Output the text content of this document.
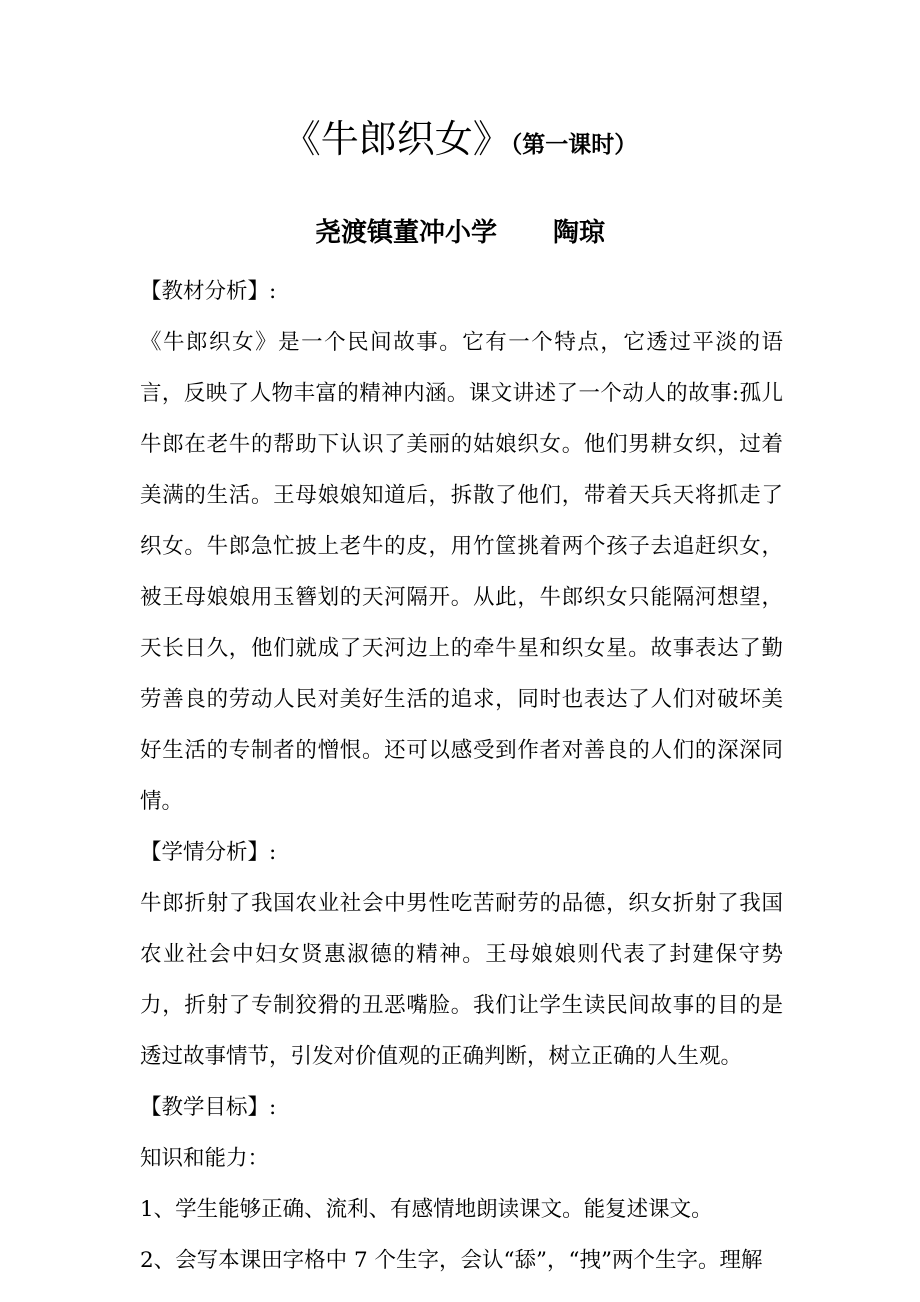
《牛郎织女》（第一课时）
尧渡镇董冲小学 陶琼

【教材分析】:

《牛郎织女》是一个民间故事。它有一个特点，它透过平淡的语言，反映了人物丰富的精神内涵。课文讲述了一个动人的故事:孤儿牛郎在老牛的帮助下认识了美丽的姑娘织女。他们男耕女织，过着美满的生活。王母娘娘知道后，拆散了他们，带着天兵天将抓走了织女。牛郎急忙披上老牛的皮，用竹筐挑着两个孩子去追赶织女，被王母娘娘用玉簪划的天河隔开。从此，牛郎织女只能隔河想望，天长日久，他们就成了天河边上的牵牛星和织女星。故事表达了勤劳善良的劳动人民对美好生活的追求，同时也表达了人们对破坏美好生活的专制者的憎恨。还可以感受到作者对善良的人们的深深同情。

【学情分析】:

牛郎折射了我国农业社会中男性吃苦耐劳的品德，织女折射了我国农业社会中妇女贤惠淑德的精神。王母娘娘则代表了封建保守势力，折射了专制狡猾的丑恶嘴脸。我们让学生读民间故事的目的是透过故事情节，引发对价值观的正确判断，树立正确的人生观。

【教学目标】:

知识和能力：

1、学生能够正确、流利、有感情地朗读课文。能复述课文。

2、会写本课田字格中 7 个生字，会认“舔”，“拽”两个生字。理解
